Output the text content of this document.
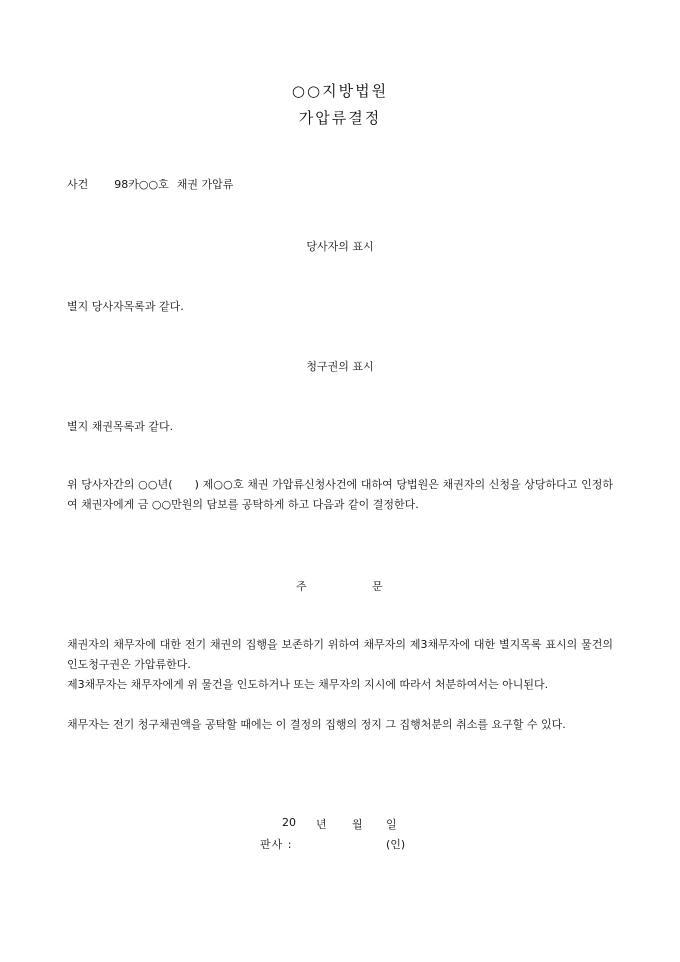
○○지방법원
가압류결정
사건 98카○○호 채권 가압류
당사자의 표시
별지 당사자목록과 같다.
청구권의 표시
별지 채권목록과 같다.
위 당사자간의 ○○년(      ) 제○○호 채권 가압류신청사건에 대하여 당법원은 채권자의 신청을 상당하다고 인정하여 채권자에게 금 ○○만원의 담보를 공탁하게 하고 다음과 같이 결정한다.
주	문
채권자의 채무자에 대한 전기 채권의 집행을 보존하기 위하여 채무자의 제3채무자에 대한 별지목록 표시의 물건의 인도청구권은 가압류한다.
제3채무자는 채무자에게 위 물건을 인도하거나 또는 채무자의 지시에 따라서 처분하여서는 아니된다.
채무자는 전기 청구채권액을 공탁할 때에는 이 결정의 집행의 정지 그 집행처분의 취소를 요구할 수 있다.
20 년 월 일
판사 :	(인)
